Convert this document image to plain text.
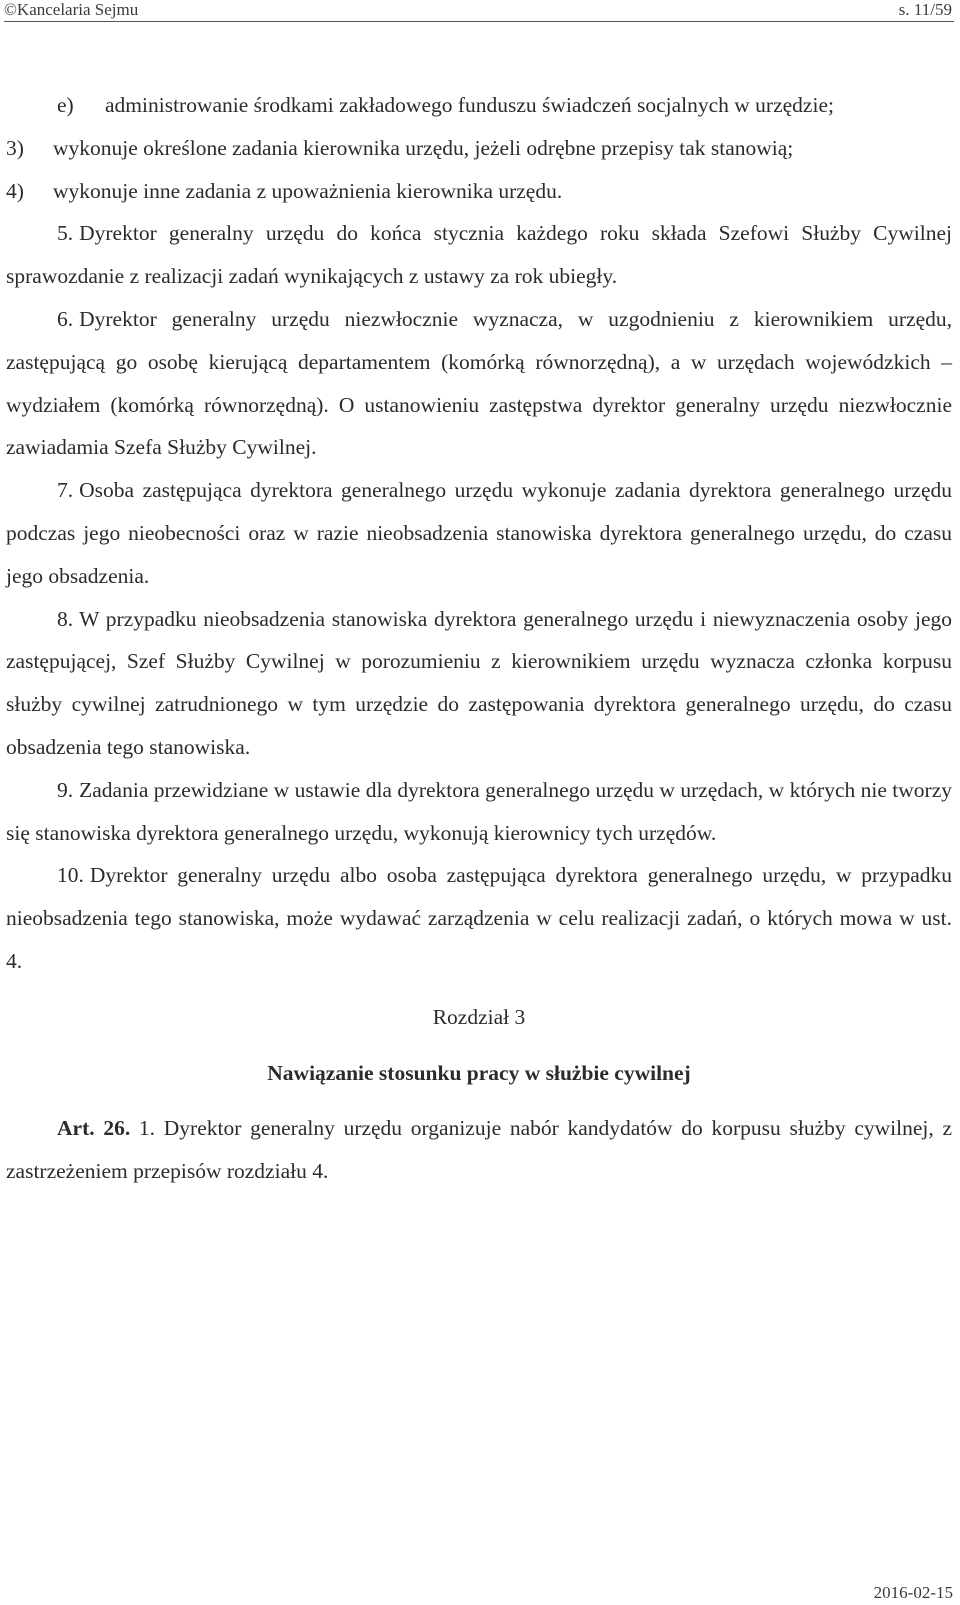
©Kancelaria Sejmu	s. 11/59
e)	administrowanie środkami zakładowego funduszu świadczeń socjalnych w urzędzie;
3)	wykonuje określone zadania kierownika urzędu, jeżeli odrębne przepisy tak stanowią;
4)	wykonuje inne zadania z upoważnienia kierownika urzędu.

5. Dyrektor generalny urzędu do końca stycznia każdego roku składa Szefowi Służby Cywilnej sprawozdanie z realizacji zadań wynikających z ustawy za rok ubiegły.

6. Dyrektor generalny urzędu niezwłocznie wyznacza, w uzgodnieniu z kierownikiem urzędu, zastępującą go osobę kierującą departamentem (komórką równorzędną), a w urzędach wojewódzkich – wydziałem (komórką równorzędną). O ustanowieniu zastępstwa dyrektor generalny urzędu niezwłocznie zawiadamia Szefa Służby Cywilnej.

7. Osoba zastępująca dyrektora generalnego urzędu wykonuje zadania dyrektora generalnego urzędu podczas jego nieobecności oraz w razie nieobsadzenia stanowiska dyrektora generalnego urzędu, do czasu jego obsadzenia.

8. W przypadku nieobsadzenia stanowiska dyrektora generalnego urzędu i niewyznaczenia osoby jego zastępującej, Szef Służby Cywilnej w porozumieniu z kierownikiem urzędu wyznacza członka korpusu służby cywilnej zatrudnionego w tym urzędzie do zastępowania dyrektora generalnego urzędu, do czasu obsadzenia tego stanowiska.

9. Zadania przewidziane w ustawie dla dyrektora generalnego urzędu w urzędach, w których nie tworzy się stanowiska dyrektora generalnego urzędu, wykonują kierownicy tych urzędów.

10. Dyrektor generalny urzędu albo osoba zastępująca dyrektora generalnego urzędu, w przypadku nieobsadzenia tego stanowiska, może wydawać zarządzenia w celu realizacji zadań, o których mowa w ust. 4.

Rozdział 3

Nawiązanie stosunku pracy w służbie cywilnej

Art. 26. 1. Dyrektor generalny urzędu organizuje nabór kandydatów do korpusu służby cywilnej, z zastrzeżeniem przepisów rozdziału 4.

2016-02-15
